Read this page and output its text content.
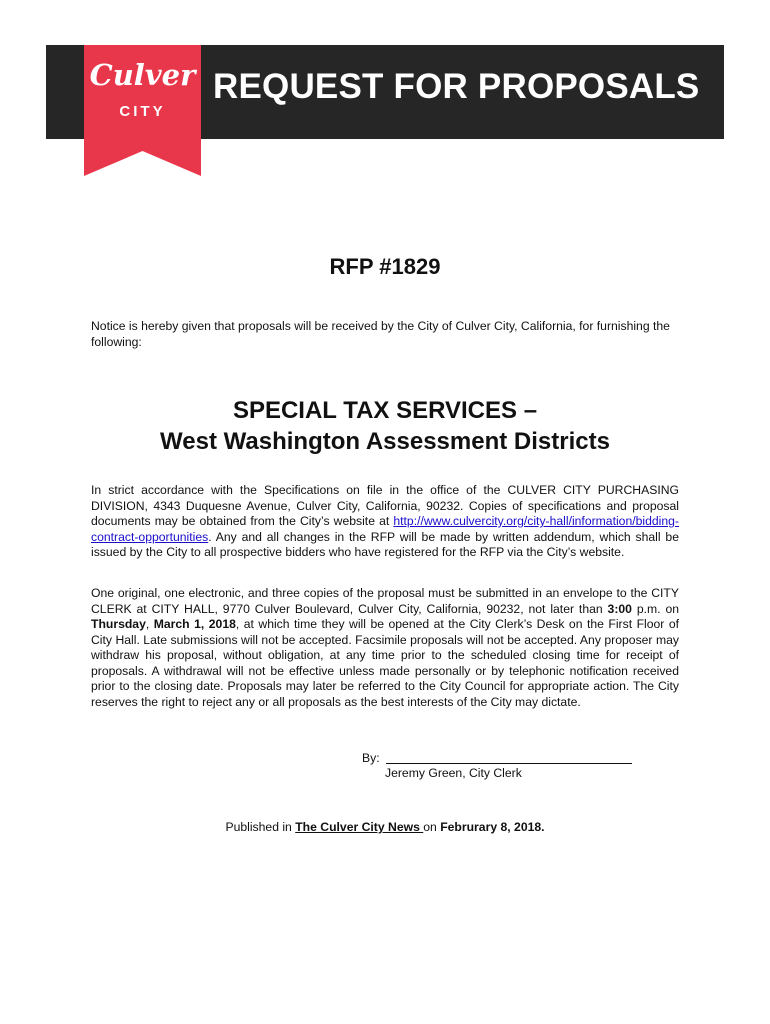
Culver
CITY
REQUEST FOR PROPOSALS
RFP #1829
Notice is hereby given that proposals will be received by the City of Culver City, California, for furnishing the following:
SPECIAL TAX SERVICES –
West Washington Assessment Districts
In strict accordance with the Specifications on file in the office of the CULVER CITY PURCHASING DIVISION, 4343 Duquesne Avenue, Culver City, California, 90232. Copies of specifications and proposal documents may be obtained from the City’s website at http://www.culvercity.org/city-hall/information/bidding-contract-opportunities. Any and all changes in the RFP will be made by written addendum, which shall be issued by the City to all prospective bidders who have registered for the RFP via the City’s website.
One original, one electronic, and three copies of the proposal must be submitted in an envelope to the CITY CLERK at CITY HALL, 9770 Culver Boulevard, Culver City, California, 90232, not later than 3:00 p.m. on Thursday, March 1, 2018, at which time they will be opened at the City Clerk’s Desk on the First Floor of City Hall. Late submissions will not be accepted. Facsimile proposals will not be accepted. Any proposer may withdraw his proposal, without obligation, at any time prior to the scheduled closing time for receipt of proposals. A withdrawal will not be effective unless made personally or by telephonic notification received prior to the closing date. Proposals may later be referred to the City Council for appropriate action. The City reserves the right to reject any or all proposals as the best interests of the City may dictate.
By:
Jeremy Green, City Clerk
Published in The Culver City News on Februrary 8, 2018.
